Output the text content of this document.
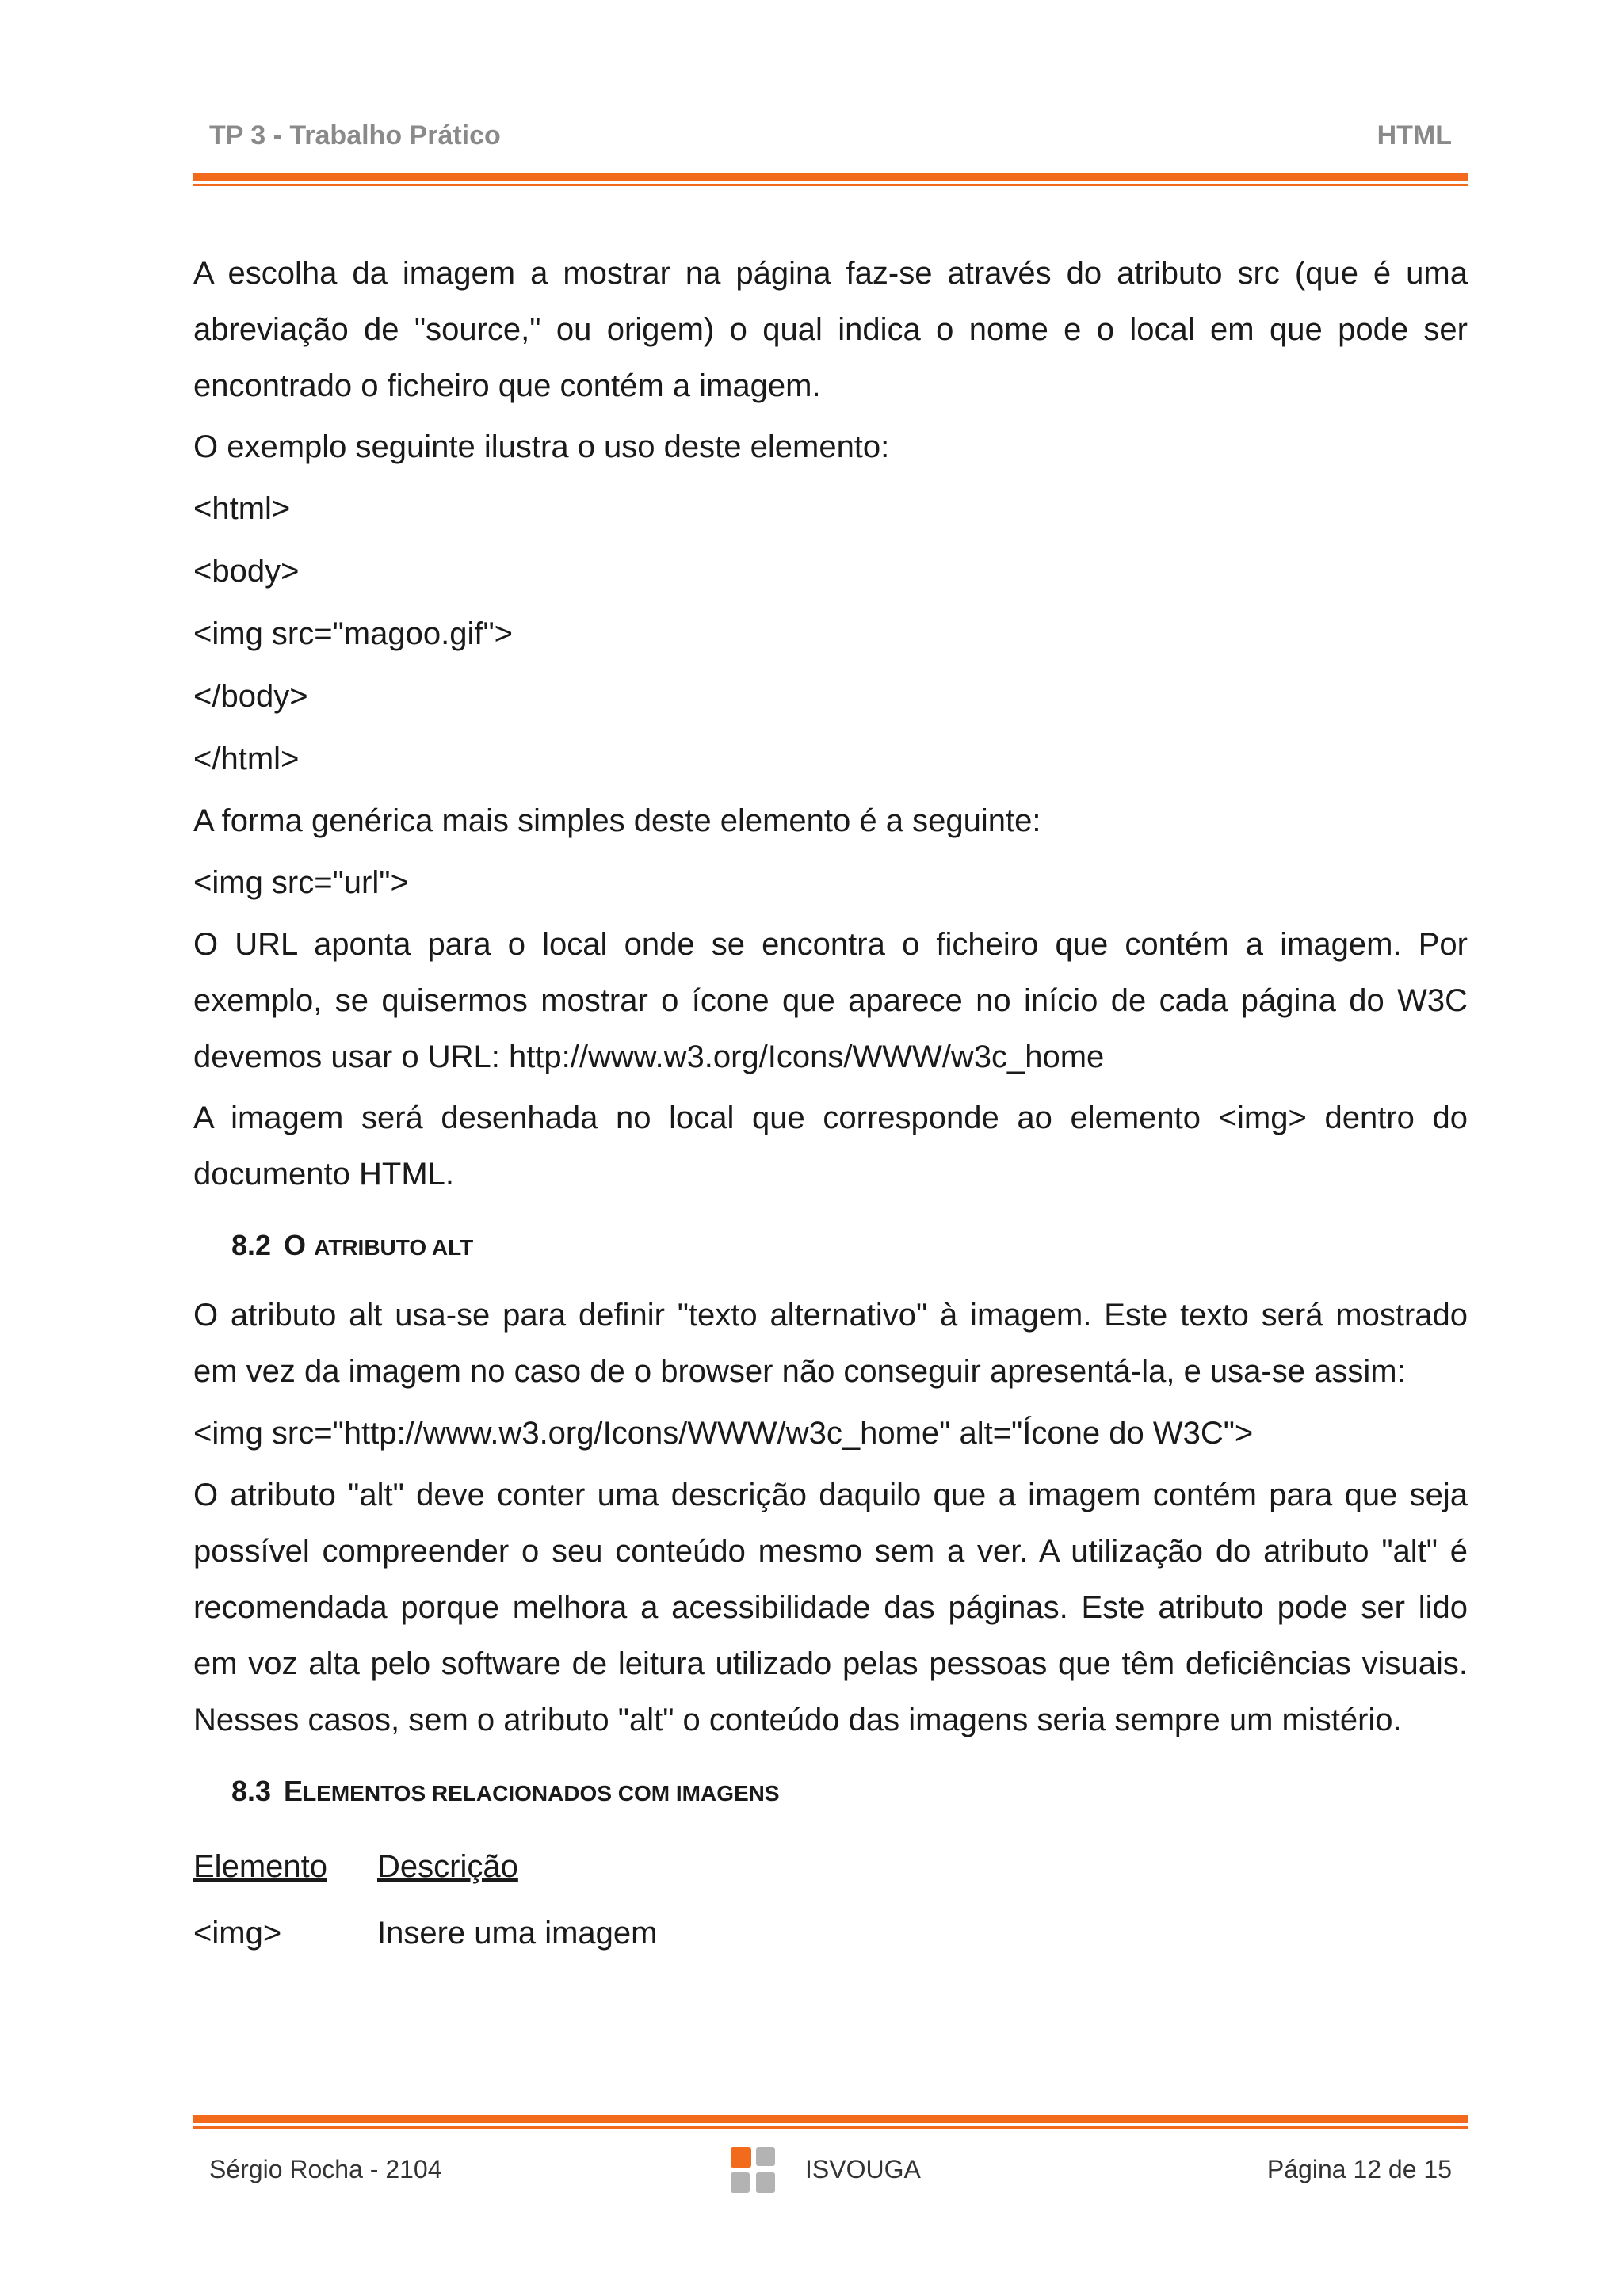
TP 3 - Trabalho Prático	HTML

A escolha da imagem a mostrar na página faz-se através do atributo src (que é uma abreviação de "source," ou origem) o qual indica o nome e o local em que pode ser encontrado o ficheiro que contém a imagem.

O exemplo seguinte ilustra o uso deste elemento:

<html>
<body>
<img src="magoo.gif">
</body>
</html>

A forma genérica mais simples deste elemento é a seguinte:

<img src="url">

O URL aponta para o local onde se encontra o ficheiro que contém a imagem. Por exemplo, se quisermos mostrar o ícone que aparece no início de cada página do W3C devemos usar o URL: http://www.w3.org/Icons/WWW/w3c_home

A imagem será desenhada no local que corresponde ao elemento <img> dentro do documento HTML.

8.2 O ATRIBUTO ALT

O atributo alt usa-se para definir "texto alternativo" à imagem. Este texto será mostrado em vez da imagem no caso de o browser não conseguir apresentá-la, e usa-se assim:

<img src="http://www.w3.org/Icons/WWW/w3c_home" alt="Ícone do W3C">

O atributo "alt" deve conter uma descrição daquilo que a imagem contém para que seja possível compreender o seu conteúdo mesmo sem a ver. A utilização do atributo "alt" é recomendada porque melhora a acessibilidade das páginas. Este atributo pode ser lido em voz alta pelo software de leitura utilizado pelas pessoas que têm deficiências visuais. Nesses casos, sem o atributo "alt" o conteúdo das imagens seria sempre um mistério.

8.3 ELEMENTOS RELACIONADOS COM IMAGENS
Elemento	Descrição
<img>	Insere uma imagem
Sérgio Rocha - 2104	ISVOUGA	Página 12 de 15
